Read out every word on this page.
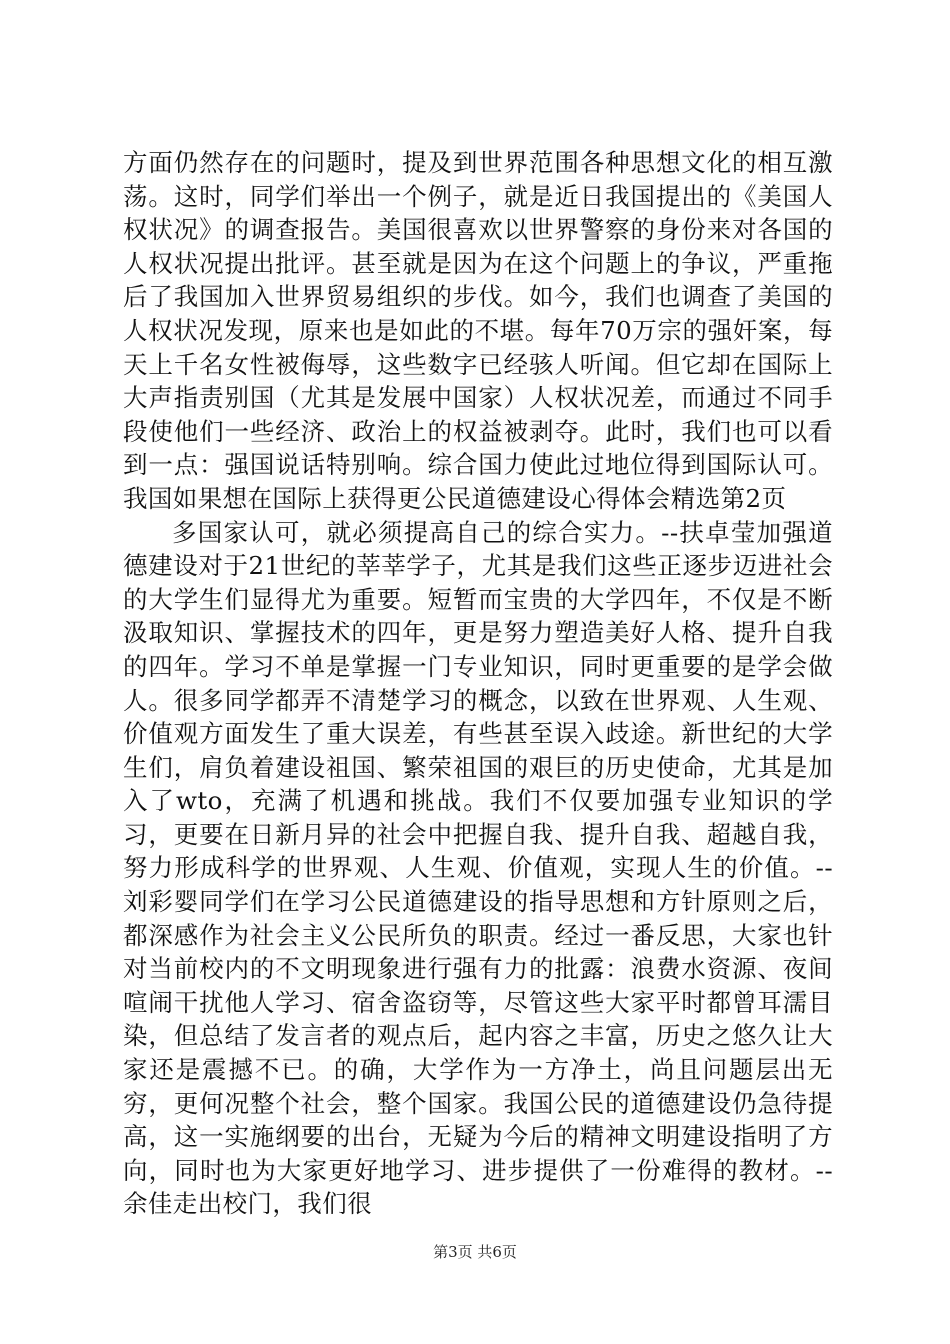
方面仍然存在的问题时，提及到世界范围各种思想文化的相互激荡。这时，同学们举出一个例子，就是近日我国提出的《美国人权状况》的调查报告。美国很喜欢以世界警察的身份来对各国的人权状况提出批评。甚至就是因为在这个问题上的争议，严重拖后了我国加入世界贸易组织的步伐。如今，我们也调查了美国的人权状况发现，原来也是如此的不堪。每年70万宗的强奸案，每天上千名女性被侮辱，这些数字已经骇人听闻。但它却在国际上大声指责别国（尤其是发展中国家）人权状况差，而通过不同手段使他们一些经济、政治上的权益被剥夺。此时，我们也可以看到一点：强国说话特别响。综合国力使此过地位得到国际认可。我国如果想在国际上获得更公民道德建设心得体会精选第2页

多国家认可，就必须提高自己的综合实力。--扶卓莹加强道德建设对于21世纪的莘莘学子，尤其是我们这些正逐步迈进社会的大学生们显得尤为重要。短暂而宝贵的大学四年，不仅是不断汲取知识、掌握技术的四年，更是努力塑造美好人格、提升自我的四年。学习不单是掌握一门专业知识，同时更重要的是学会做人。很多同学都弄不清楚学习的概念，以致在世界观、人生观、价值观方面发生了重大误差，有些甚至误入歧途。新世纪的大学生们，肩负着建设祖国、繁荣祖国的艰巨的历史使命，尤其是加入了wto，充满了机遇和挑战。我们不仅要加强专业知识的学习，更要在日新月异的社会中把握自我、提升自我、超越自我，努力形成科学的世界观、人生观、价值观，实现人生的价值。--刘彩婴同学们在学习公民道德建设的指导思想和方针原则之后，都深感作为社会主义公民所负的职责。经过一番反思，大家也针对当前校内的不文明现象进行强有力的批露：浪费水资源、夜间喧闹干扰他人学习、宿舍盗窃等，尽管这些大家平时都曾耳濡目染，但总结了发言者的观点后，起内容之丰富，历史之悠久让大家还是震撼不已。的确，大学作为一方净土，尚且问题层出无穷，更何况整个社会，整个国家。我国公民的道德建设仍急待提高，这一实施纲要的出台，无疑为今后的精神文明建设指明了方向，同时也为大家更好地学习、进步提供了一份难得的教材。--余佳走出校门，我们很

第3页 共6页
